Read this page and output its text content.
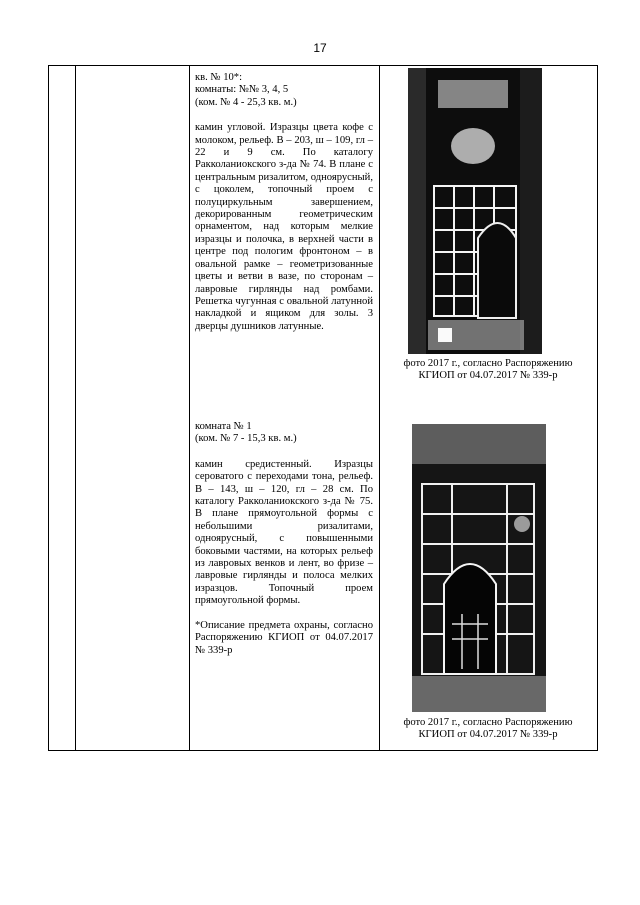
17

кв. № 10*:

комнаты: №№ 3, 4, 5

(ком. № 4 - 25,3 кв. м.)

камин угловой. Изразцы цвета кофе с молоком, рельеф. В – 203, ш – 109, гл – 22 и 9 см. По каталогу Ракколаниокского з-да № 74. В плане с центральным ризалитом, одноярусный, с цоколем, топочный проем с полуциркульным завершением, декорированным геометрическим орнаментом, над которым мелкие изразцы и полочка, в верхней части в центре под пологим фронтоном – в овальной рамке – геометризованные цветы и ветви в вазе, по сторонам – лавровые гирлянды над ромбами. Решетка чугунная с овальной латунной накладкой и ящиком для золы. 3 дверцы душников латунные.

комната № 1

(ком. № 7 - 15,3 кв. м.)

камин средистенный. Изразцы сероватого с переходами тона, рельеф. В – 143, ш – 120, гл – 28 см. По каталогу Ракколаниокского з-да № 75. В плане прямоугольной формы с небольшими ризалитами, одноярусный, с повышенными боковыми частями, на которых рельеф из лавровых венков и лент, во фризе – лавровые гирлянды и полоса мелких изразцов. Топочный проем прямоугольной формы.

*Описание предмета охраны, согласно Распоряжению КГИОП от 04.07.2017 № 339-р

фото 2017 г., согласно Распоряжению
КГИОП от 04.07.2017 № 339-р
фото 2017 г., согласно Распоряжению
КГИОП от 04.07.2017 № 339-р
